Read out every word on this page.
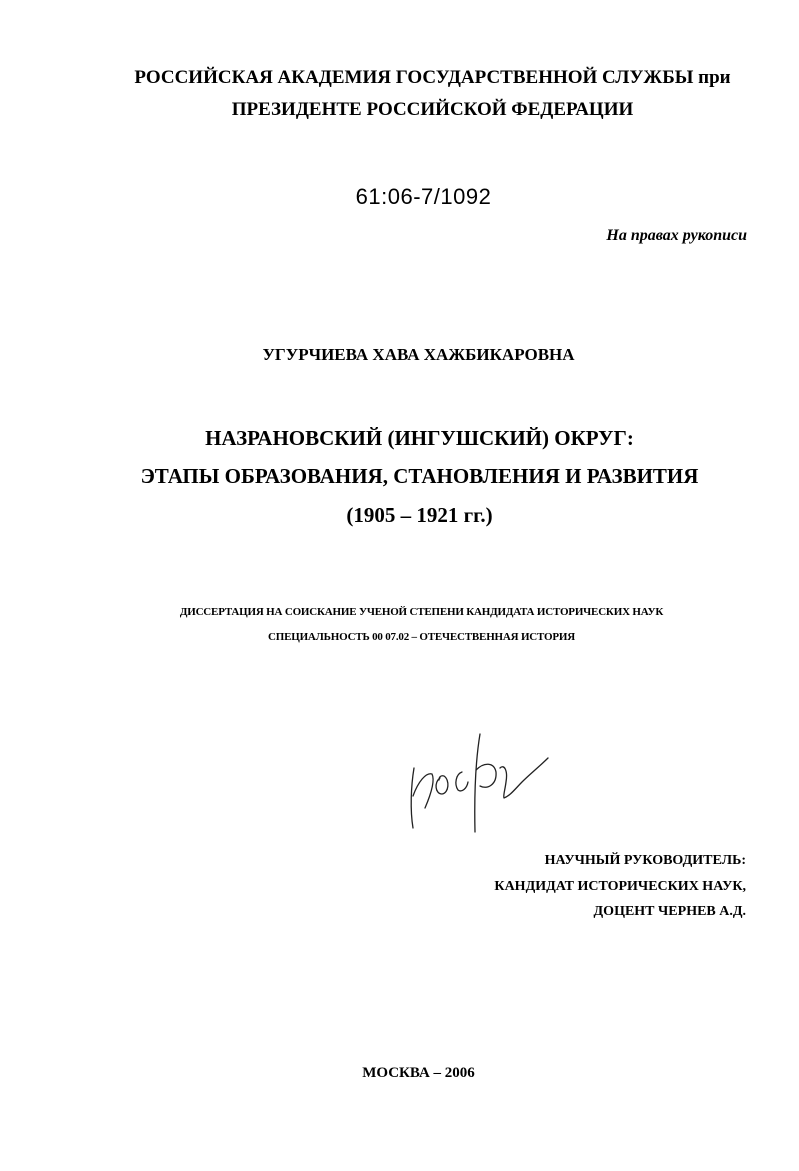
РОССИЙСКАЯ АКАДЕМИЯ ГОСУДАРСТВЕННОЙ СЛУЖБЫ при
ПРЕЗИДЕНТЕ РОССИЙСКОЙ ФЕДЕРАЦИИ
61:06-7/1092
На правах рукописи
УГУРЧИЕВА ХАВА ХАЖБИКАРОВНА
НАЗРАНОВСКИЙ (ИНГУШСКИЙ) ОКРУГ:
ЭТАПЫ ОБРАЗОВАНИЯ, СТАНОВЛЕНИЯ И РАЗВИТИЯ
(1905 – 1921 гг.)
ДИССЕРТАЦИЯ НА СОИСКАНИЕ УЧЕНОЙ СТЕПЕНИ КАНДИДАТА ИСТОРИЧЕСКИХ НАУК
СПЕЦИАЛЬНОСТЬ 00 07.02 – ОТЕЧЕСТВЕННАЯ ИСТОРИЯ
НАУЧНЫЙ РУКОВОДИТЕЛЬ:
КАНДИДАТ ИСТОРИЧЕСКИХ НАУК,
ДОЦЕНТ ЧЕРНЕВ А.Д.
МОСКВА – 2006
